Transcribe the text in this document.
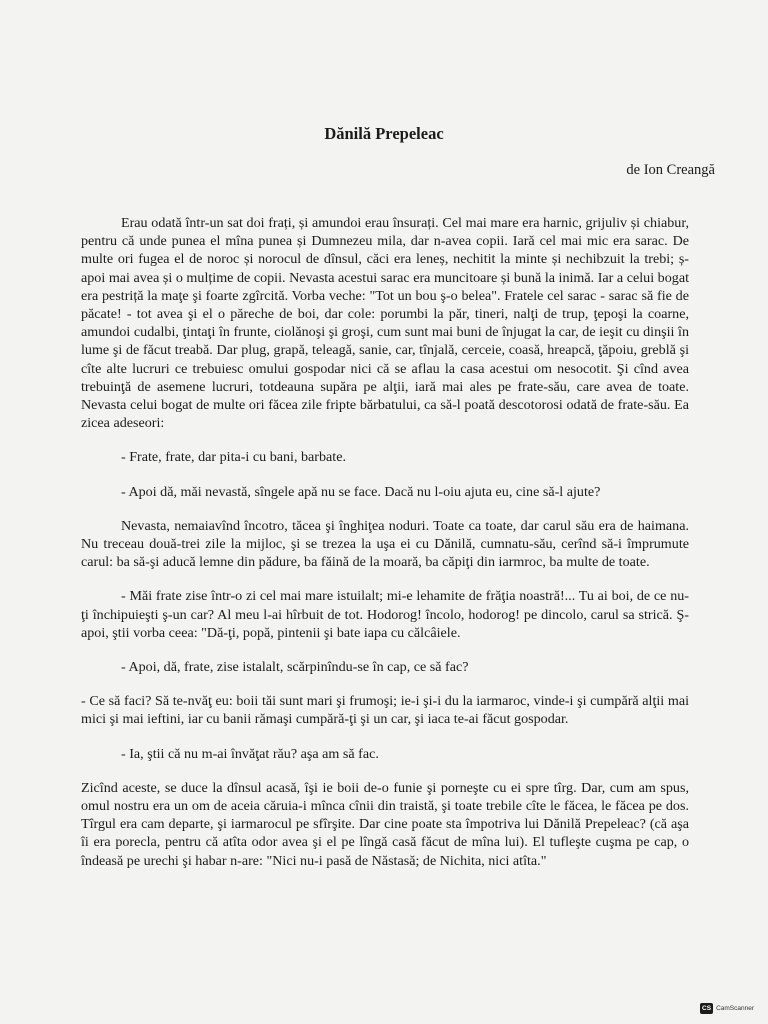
Dănilă Prepeleac
de Ion Creangă

Erau odată într-un sat doi frați, și amundoi erau însurați. Cel mai mare era harnic, grijuliv și chiabur, pentru că unde punea el mîna punea și Dumnezeu mila, dar n-avea copii. Iară cel mai mic era sarac. De multe ori fugea el de noroc și norocul de dînsul, căci era leneș, nechitit la minte și nechibzuit la trebi; ș-apoi mai avea și o mulțime de copii. Nevasta acestui sarac era muncitoare și bună la inimă. Iar a celui bogat era pestriță la maţe şi foarte zgîrcită. Vorba veche: "Tot un bou ş-o belea". Fratele cel sarac - sarac să fie de păcate! - tot avea şi el o păreche de boi, dar cole: porumbi la păr, tineri, nalţi de trup, ţepoşi la coarne, amundoi cudalbi, ţintaţi în frunte, ciolănoşi şi groşi, cum sunt mai buni de înjugat la car, de ieşit cu dinşii în lume şi de făcut treabă. Dar plug, grapă, teleagă, sanie, car, tînjală, cerceie, coasă, hreapcă, ţăpoiu, greblă şi cîte alte lucruri ce trebuiesc omului gospodar nici că se aflau la casa acestui om nesocotit. Şi cînd avea trebuinţă de asemene lucruri, totdeauna supăra pe alţii, iară mai ales pe frate-său, care avea de toate. Nevasta celui bogat de multe ori făcea zile fripte bărbatului, ca să-l poată descotorosi odată de frate-său. Ea zicea adeseori:

- Frate, frate, dar pita-i cu bani, barbate.

- Apoi dă, măi nevastă, sîngele apă nu se face. Dacă nu l-oiu ajuta eu, cine să-l ajute?

Nevasta, nemaiavînd încotro, tăcea şi înghiţea noduri. Toate ca toate, dar carul său era de haimana. Nu treceau două-trei zile la mijloc, şi se trezea la uşa ei cu Dănilă, cumnatu-său, cerînd să-i împrumute carul: ba să-şi aducă lemne din pădure, ba făină de la moară, ba căpiţi din iarmroc, ba multe de toate.

- Măi frate zise într-o zi cel mai mare istuilalt; mi-e lehamite de frăţia noastră!... Tu ai boi, de ce nu-ţi închipuieşti ş-un car? Al meu l-ai hîrbuit de tot. Hodorog! încolo, hodorog! pe dincolo, carul sa strică. Ş-apoi, ştii vorba ceea: "Dă-ţi, popă, pintenii şi bate iapa cu călcâiele.

- Apoi, dă, frate, zise istalalt, scărpinîndu-se în cap, ce să fac?

- Ce să faci? Să te-nvăţ eu: boii tăi sunt mari şi frumoşi; ie-i şi-i du la iarmaroc, vinde-i şi cumpără alţii mai mici şi mai ieftini, iar cu banii rămaşi cumpără-ţi şi un car, şi iaca te-ai făcut gospodar.

- Ia, ştii că nu m-ai învăţat rău? aşa am să fac.

Zicînd aceste, se duce la dînsul acasă, îşi ie boii de-o funie şi porneşte cu ei spre tîrg. Dar, cum am spus, omul nostru era un om de aceia căruia-i mînca cînii din traistă, şi toate trebile cîte le făcea, le făcea pe dos. Tîrgul era cam departe, şi iarmarocul pe sfîrşite. Dar cine poate sta împotriva lui Dănilă Prepeleac? (că aşa îi era porecla, pentru că atîta odor avea şi el pe lîngă casă făcut de mîna lui). El tufleşte cuşma pe cap, o îndeasă pe urechi şi habar n-are: "Nici nu-i pasă de Năstasă; de Nichita, nici atîta."

CS CamScanner
